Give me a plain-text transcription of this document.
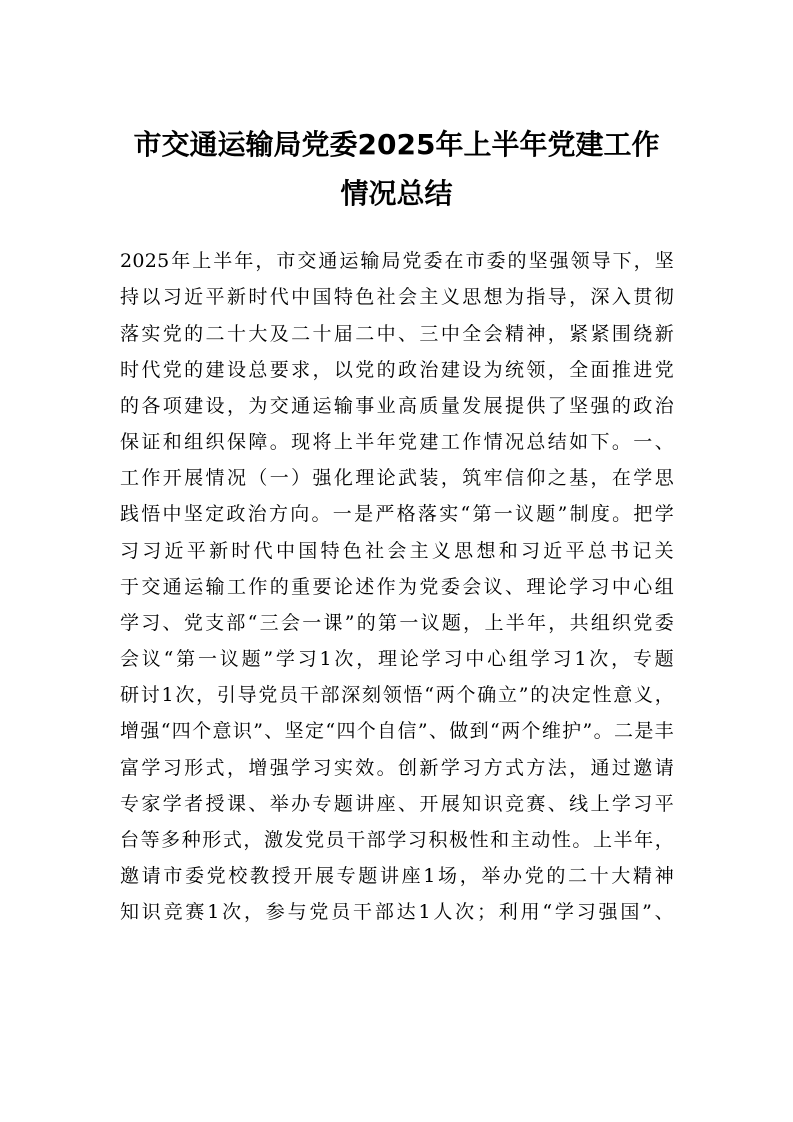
市交通运输局党委2025年上半年党建工作
情况总结
2025年上半年，市交通运输局党委在市委的坚强领导下，坚
持以习近平新时代中国特色社会主义思想为指导，深入贯彻
落实党的二十大及二十届二中、三中全会精神，紧紧围绕新
时代党的建设总要求，以党的政治建设为统领，全面推进党
的各项建设，为交通运输事业高质量发展提供了坚强的政治
保证和组织保障。现将上半年党建工作情况总结如下。一、
工作开展情况（一）强化理论武装，筑牢信仰之基，在学思
践悟中坚定政治方向。一是严格落实“第一议题”制度。把学
习习近平新时代中国特色社会主义思想和习近平总书记关
于交通运输工作的重要论述作为党委会议、理论学习中心组
学习、党支部“三会一课”的第一议题，上半年，共组织党委
会议“第一议题”学习1次，理论学习中心组学习1次，专题
研讨1次，引导党员干部深刻领悟“两个确立”的决定性意义，
增强“四个意识”、坚定“四个自信”、做到“两个维护”。二是丰
富学习形式，增强学习实效。创新学习方式方法，通过邀请
专家学者授课、举办专题讲座、开展知识竞赛、线上学习平
台等多种形式，激发党员干部学习积极性和主动性。上半年，
邀请市委党校教授开展专题讲座1场，举办党的二十大精神
知识竞赛1次，参与党员干部达1人次；利用“学习强国”、
